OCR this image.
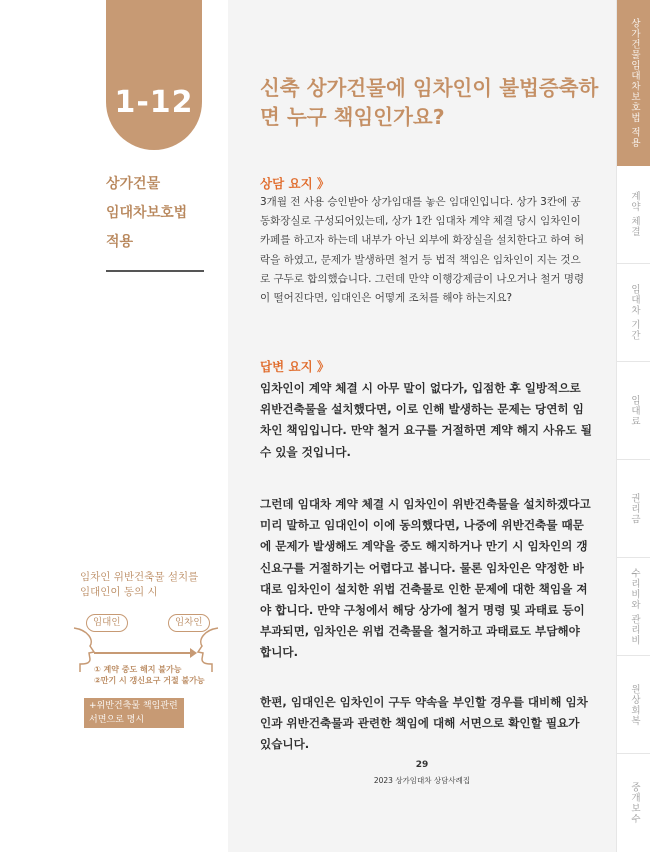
1-12
상가건물
임대차보호법
적용
임차인 위반건축물 설치를
임대인이 동의 시
임대인	임차인
① 계약 중도 해지 불가능
②만기 시 갱신요구 거절 불가능
+위반건축물 책임관련
서면으로 명시
신축 상가건물에 임차인이 불법증축하면 누구 책임인가요?
상담 요지 》

3개월 전 사용 승인받아 상가임대를 놓은 임대인입니다. 상가 3칸에 공동화장실로 구성되어있는데, 상가 1칸 임대차 계약 체결 당시 임차인이 카페를 하고자 하는데 내부가 아닌 외부에 화장실을 설치한다고 하여 허락을 하였고, 문제가 발생하면 철거 등 법적 책임은 임차인이 지는 것으로 구두로 합의했습니다. 그런데 만약 이행강제금이 나오거나 철거 명령이 떨어진다면, 임대인은 어떻게 조처를 해야 하는지요?

답변 요지 》

임차인이 계약 체결 시 아무 말이 없다가, 입점한 후 일방적으로 위반건축물을 설치했다면, 이로 인해 발생하는 문제는 당연히 임차인 책임입니다. 만약 철거 요구를 거절하면 계약 해지 사유도 될 수 있을 것입니다.

그런데 임대차 계약 체결 시 임차인이 위반건축물을 설치하겠다고 미리 말하고 임대인이 이에 동의했다면, 나중에 위반건축물 때문에 문제가 발생해도 계약을 중도 해지하거나 만기 시 임차인의 갱신요구를 거절하기는 어렵다고 봅니다. 물론 임차인은 약정한 바대로 임차인이 설치한 위법 건축물로 인한 문제에 대한 책임을 져야 합니다. 만약 구청에서 해당 상가에 철거 명령 및 과태료 등이 부과되면, 임차인은 위법 건축물을 철거하고 과태료도 부담해야 합니다.

한편, 임대인은 임차인이 구두 약속을 부인할 경우를 대비해 임차인과 위반건축물과 관련한 책임에 대해 서면으로 확인할 필요가 있습니다.

29
2023 상가임대차 상담사례집
상가건물임대차보호법 적용
계약 체결
임대차 기간
임대료
권리금
수리비와 관리비
원상회복
중개보수
